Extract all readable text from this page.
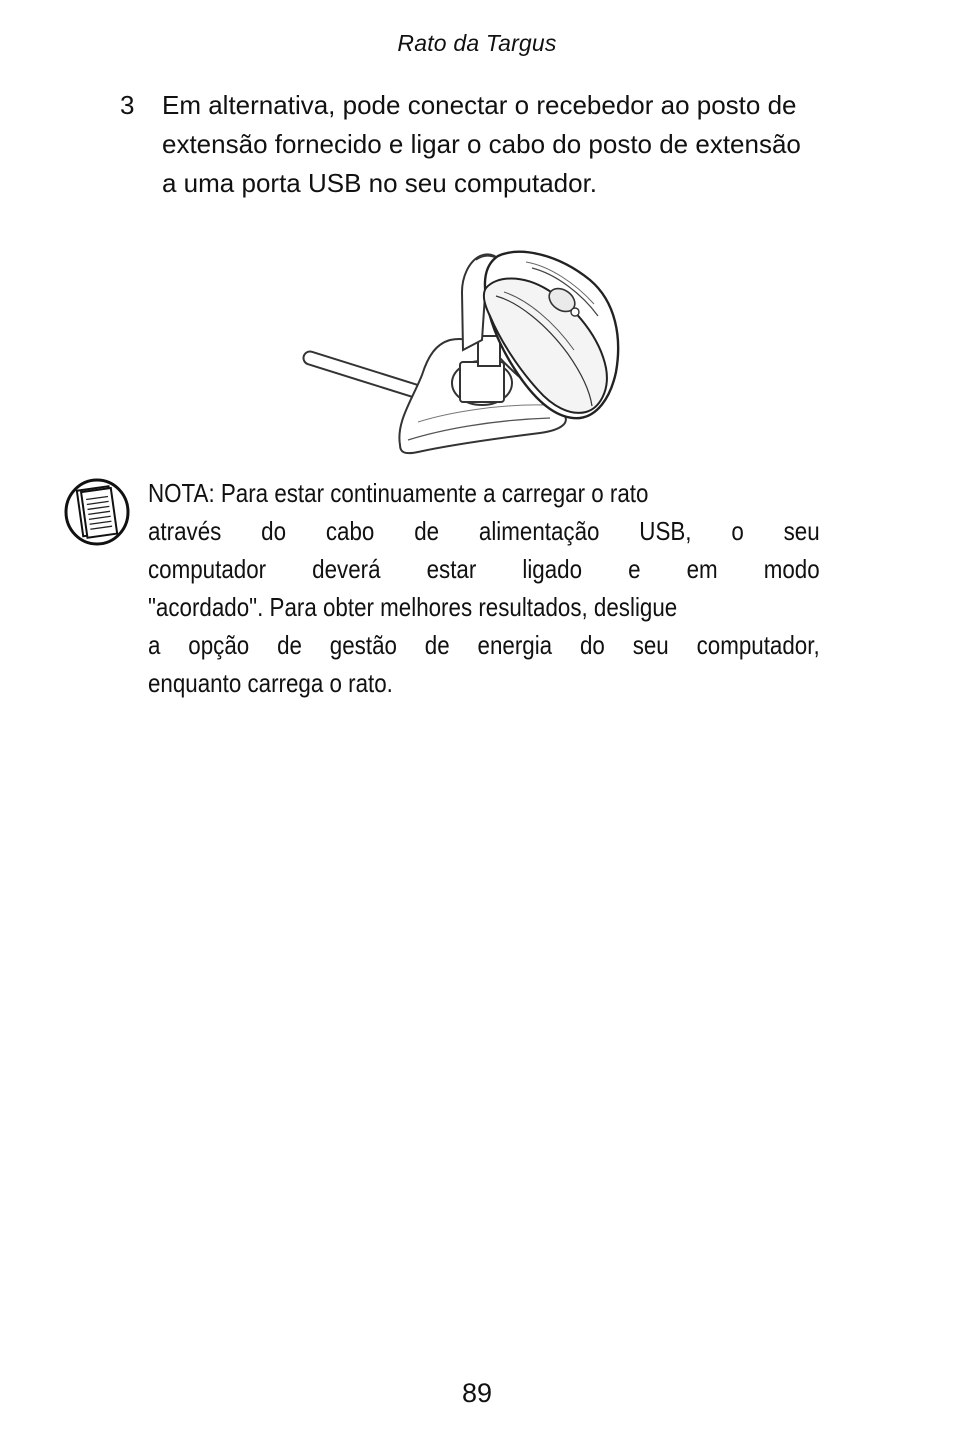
Rato da Targus
3 Em alternativa, pode conectar o recebedor ao posto de
extensão fornecido e ligar o cabo do posto de extensão
a uma porta USB no seu computador.
NOTA: Para estar continuamente a carregar o rato
através do cabo de alimentação USB, o seu
computador deverá estar ligado e em modo
"acordado". Para obter melhores resultados, desligue
a opção de gestão de energia do seu computador,
enquanto carrega o rato.
89
